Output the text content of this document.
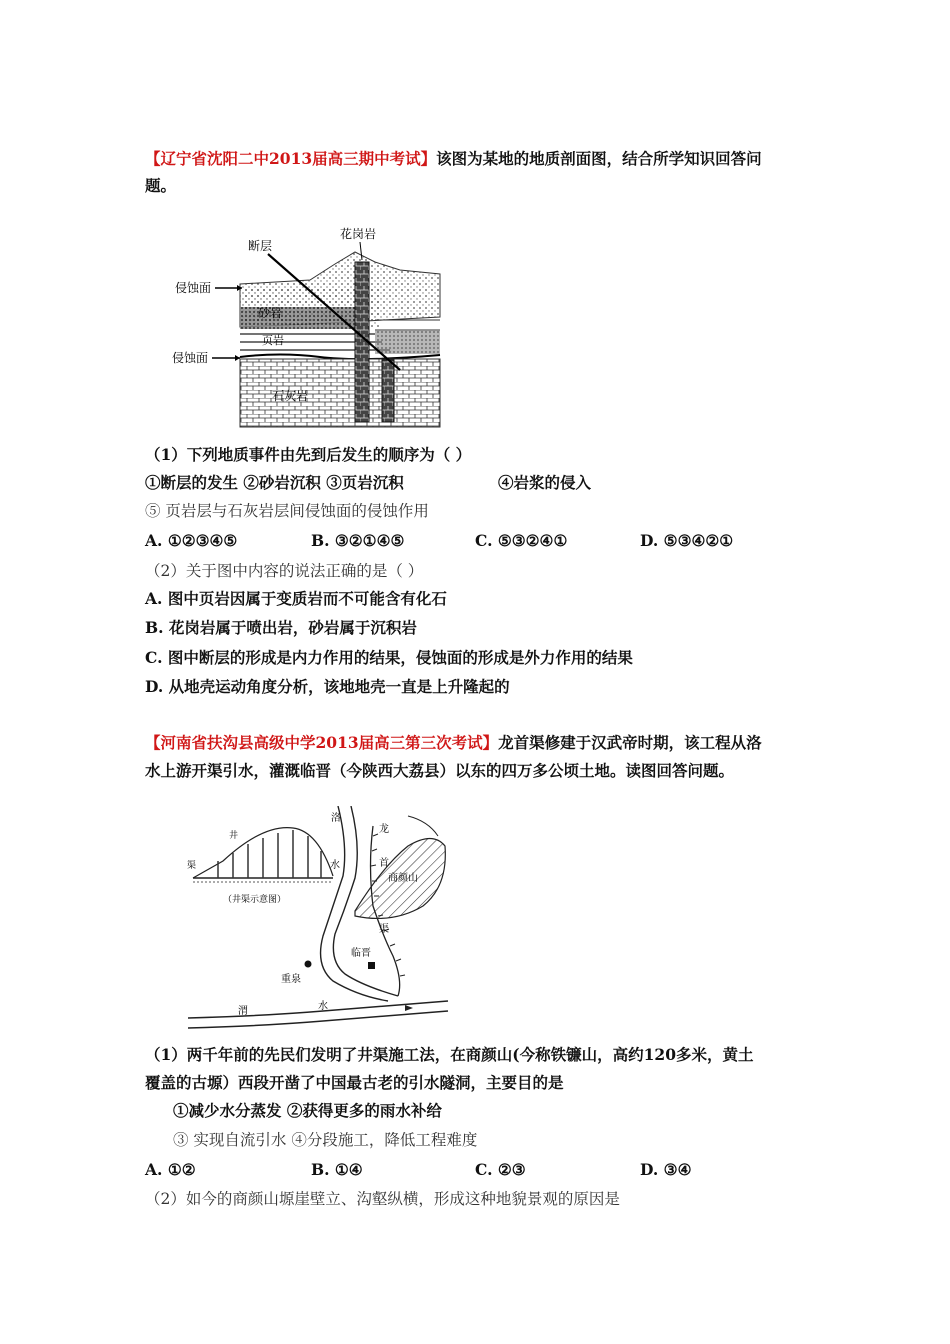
【辽宁省沈阳二中2013届高三期中考试】该图为某地的地质剖面图，结合所学知识回答问
题。
断层
花岗岩
侵蚀面
砂岩
页岩
侵蚀面
石灰岩
（1）下列地质事件由先到后发生的顺序为（ ）
①断层的发生 ②砂岩沉积 ③页岩沉积	④岩浆的侵入
⑤ 页岩层与石灰岩层间侵蚀面的侵蚀作用
A. ①②③④⑤	B. ③②①④⑤	C. ⑤③②④①	D. ⑤③④②①
（2）关于图中内容的说法正确的是（ ）
A. 图中页岩因属于变质岩而不可能含有化石
B. 花岗岩属于喷出岩，砂岩属于沉积岩
C. 图中断层的形成是内力作用的结果，侵蚀面的形成是外力作用的结果
D. 从地壳运动角度分析，该地地壳一直是上升隆起的
【河南省扶沟县高级中学2013届高三第三次考试】龙首渠修建于汉武帝时期，该工程从洛
水上游开渠引水，灌溉临晋（今陕西大荔县）以东的四万多公顷土地。读图回答问题。
井
渠
（井渠示意图）
洛
水
龙
首
渠
商颜山
重泉
临晋
渭	水
（1）两千年前的先民们发明了井渠施工法，在商颜山(今称铁镰山，高约120多米，黄土
覆盖的古塬）西段开凿了中国最古老的引水隧洞，主要目的是
①减少水分蒸发 ②获得更多的雨水补给
③ 实现自流引水 ④分段施工，降低工程难度
A. ①②	B. ①④	C. ②③	D. ③④
（2）如今的商颜山塬崖壁立、沟壑纵横，形成这种地貌景观的原因是
